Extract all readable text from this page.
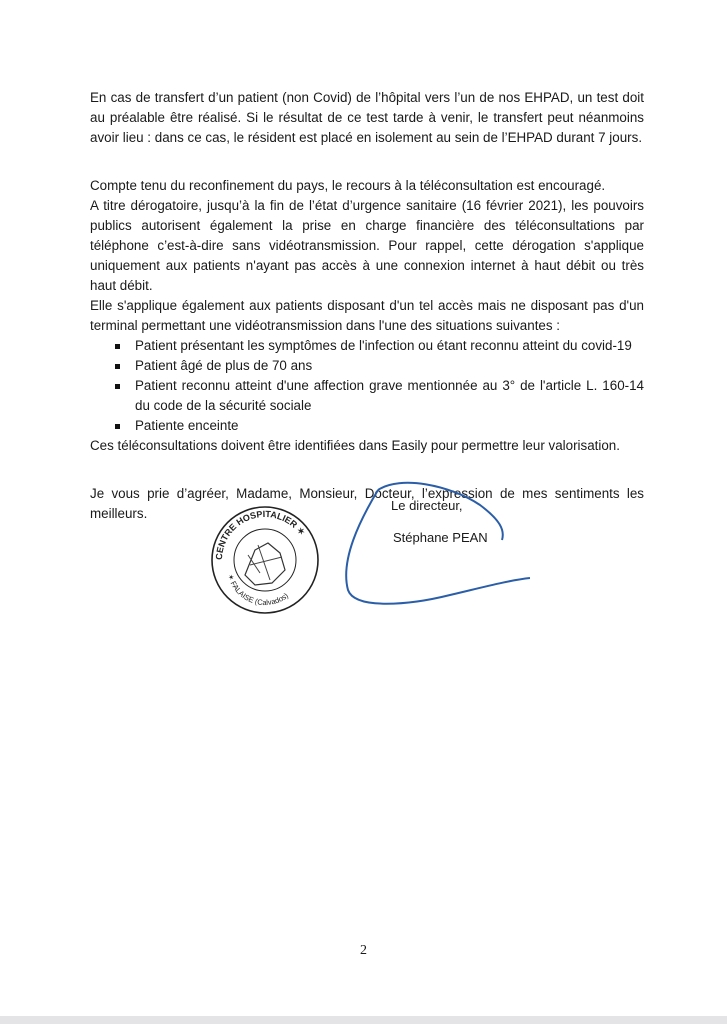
En cas de transfert d’un patient (non Covid) de l’hôpital vers l’un de nos EHPAD, un test doit au préalable être réalisé. Si le résultat de ce test tarde à venir, le transfert peut néanmoins avoir lieu : dans ce cas, le résident est placé en isolement au sein de l’EHPAD durant 7 jours.

Compte tenu du reconfinement du pays, le recours à la téléconsultation est encouragé.

A titre dérogatoire, jusqu’à la fin de l’état d’urgence sanitaire (16 février 2021), les pouvoirs publics autorisent également la prise en charge financière des téléconsultations par téléphone c’est-à-dire sans vidéotransmission. Pour rappel, cette dérogation s'applique uniquement aux patients n'ayant pas accès à une connexion internet à haut débit ou très haut débit.

Elle s'applique également aux patients disposant d'un tel accès mais ne disposant pas d'un terminal permettant une vidéotransmission dans l'une des situations suivantes :

Patient présentant les symptômes de l'infection ou étant reconnu atteint du covid-19
Patient âgé de plus de 70 ans
Patient reconnu atteint d'une affection grave mentionnée au 3° de l'article L. 160-14 du code de la sécurité sociale
Patiente enceinte

Ces téléconsultations doivent être identifiées dans Easily pour permettre leur valorisation.

Je vous prie d’agréer, Madame, Monsieur, Docteur, l’expression de mes sentiments les meilleurs.

CENTRE HOSPITALIER ✶
✶ FALAISE (Calvados)
Le directeur,
Stéphane PEAN
2
